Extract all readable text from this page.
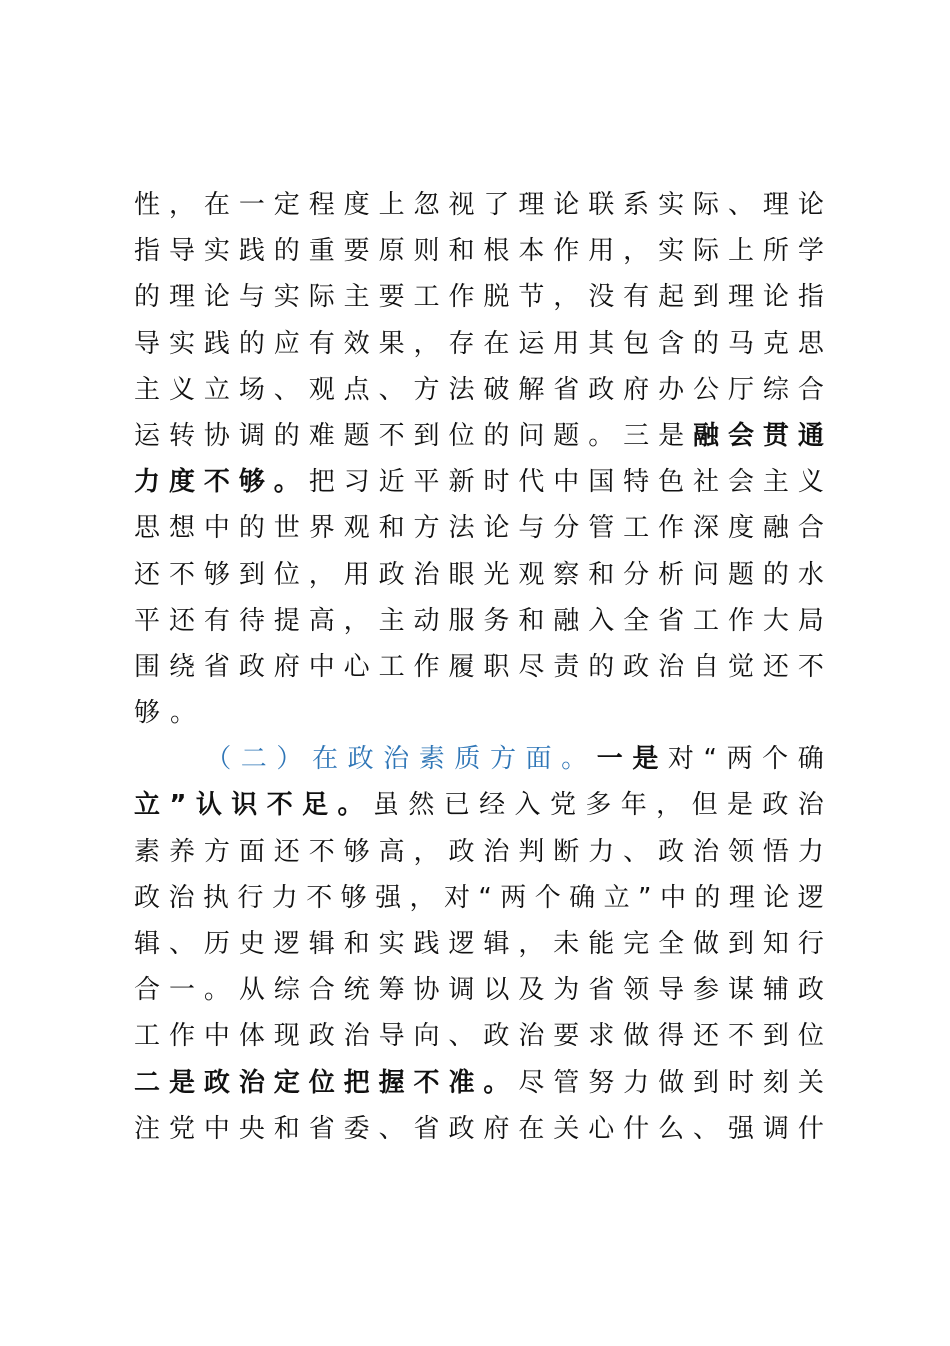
性 ， 在 一 定 程 度 上 忽 视 了 理 论 联 系 实 际 、 理 论
指 导 实 践 的 重 要 原 则 和 根 本 作 用 ， 实 际 上 所 学
的 理 论 与 实 际 主 要 工 作 脱 节 ， 没 有 起 到 理 论 指
导 实 践 的 应 有 效 果 ， 存 在 运 用 其 包 含 的 马 克 思
主 义 立 场 、 观 点 、 方 法 破 解 省 政 府 办 公 厅 综 合
运 转 协 调 的 难 题 不 到 位 的 问 题 。 三 是 融 会 贯 通
力 度 不 够 。 把 习 近 平 新 时 代 中 国 特 色 社 会 主 义
思 想 中 的 世 界 观 和 方 法 论 与 分 管 工 作 深 度 融 合
还 不 够 到 位 ， 用 政 治 眼 光 观 察 和 分 析 问 题 的 水
平 还 有 待 提 高 ， 主 动 服 务 和 融 入 全 省 工 作 大 局
围 绕 省 政 府 中 心 工 作 履 职 尽 责 的 政 治 自 觉 还 不
够 。

（ 二 ） 在 政 治 素 质 方 面 。 一 是 对 “ 两 个 确
立 ” 认 识 不 足 。 虽 然 已 经 入 党 多 年 ， 但 是 政 治
素 养 方 面 还 不 够 高 ， 政 治 判 断 力 、 政 治 领 悟 力
政 治 执 行 力 不 够 强 ， 对 “ 两 个 确 立 ” 中 的 理 论 逻
辑 、 历 史 逻 辑 和 实 践 逻 辑 ， 未 能 完 全 做 到 知 行
合 一 。 从 综 合 统 筹 协 调 以 及 为 省 领 导 参 谋 辅 政
工 作 中 体 现 政 治 导 向 、 政 治 要 求 做 得 还 不 到 位
二 是 政 治 定 位 把 握 不 准 。 尽 管 努 力 做 到 时 刻 关
注 党 中 央 和 省 委 、 省 政 府 在 关 心 什 么 、 强 调 什
